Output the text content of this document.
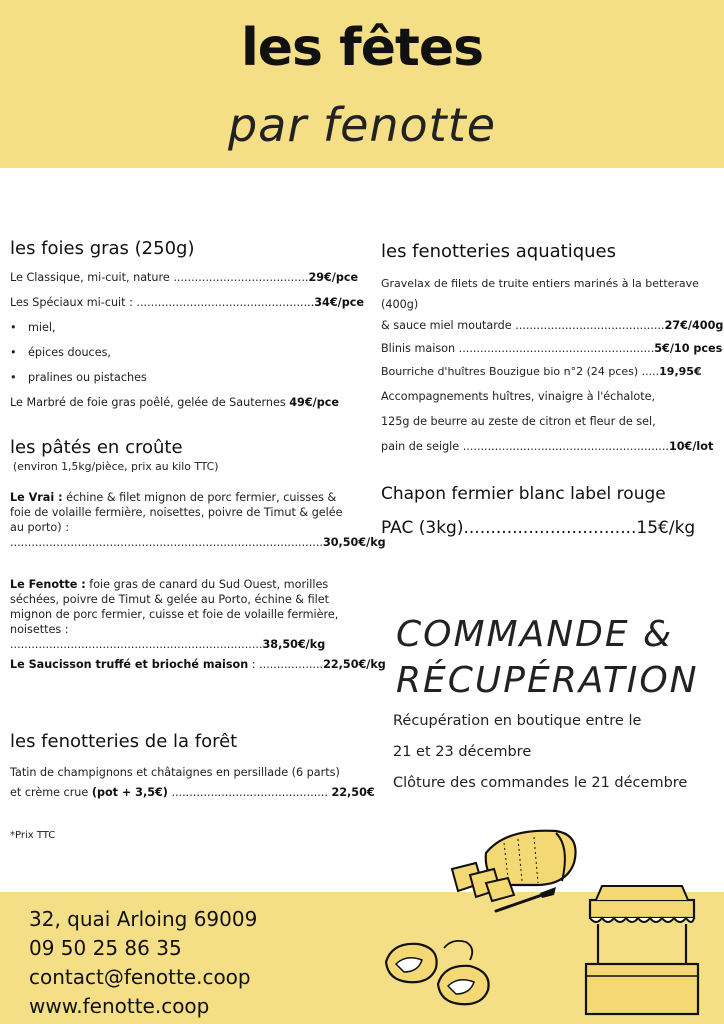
les fêtes
par fenotte
les foies gras (250g)
Le Classique, mi-cuit, nature ......................................29€/pce
Les Spéciaux mi-cuit : ..................................................34€/pce
• miel,
• épices douces,
• pralines ou pistaches
Le Marbré de foie gras poêlé, gelée de Sauternes 49€/pce
les pâtés en croûte
(environ 1,5kg/pièce, prix au kilo TTC)
Le Vrai : échine & filet mignon de porc fermier, cuisses & foie de volaille fermière, noisettes, poivre de Timut & gelée au porto) :
........................................................................................30,50€/kg
Le Fenotte : foie gras de canard du Sud Ouest, morilles séchées, poivre de Timut & gelée au Porto, échine & filet mignon de porc fermier, cuisse et foie de volaille fermière, noisettes : .......................................................................38,50€/kg
Le Saucisson truffé et brioché maison : ..................22,50€/kg
les fenotteries de la forêt
Tatin de champignons et châtaignes en persillade (6 parts)
et crème crue (pot + 3,5€) ............................................ 22,50€
*Prix TTC
les fenotteries aquatiques
Gravelax de filets de truite entiers marinés à la betterave
(400g)
& sauce miel moutarde ..........................................27€/400g
Blinis maison .......................................................5€/10 pces
Bourriche d'huîtres Bouzigue bio n°2 (24 pces) .....19,95€
Accompagnements huîtres, vinaigre à l'échalote,
125g de beurre au zeste de citron et fleur de sel,
pain de seigle ..........................................................10€/lot
Chapon fermier blanc label rouge
PAC (3kg)................................15€/kg
COMMANDE &
RÉCUPÉRATION
Récupération en boutique entre le
21 et 23 décembre
Clôture des commandes le 21 décembre
32, quai Arloing 69009
09 50 25 86 35
contact@fenotte.coop
www.fenotte.coop
